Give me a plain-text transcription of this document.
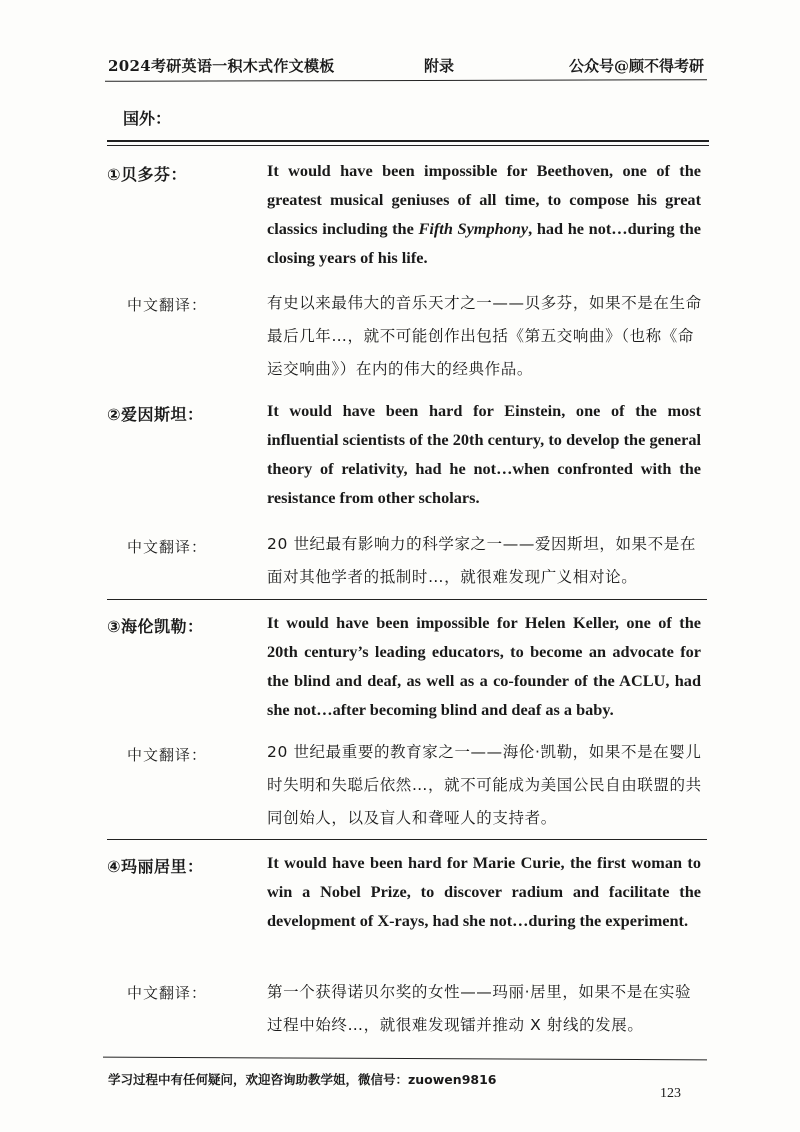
2024考研英语一积木式作文模板	附录	公众号@顾不得考研
国外：
①贝多芬：	It would have been impossible for Beethoven, one of the greatest musical geniuses of all time, to compose his great classics including the Fifth Symphony, had he not…during the closing years of his life.
中文翻译：	有史以来最伟大的音乐天才之一——贝多芬，如果不是在生命最后几年…，就不可能创作出包括《第五交响曲》（也称《命运交响曲》）在内的伟大的经典作品。
②爱因斯坦：	It would have been hard for Einstein, one of the most influential scientists of the 20th century, to develop the general theory of relativity, had he not…when confronted with the resistance from other scholars.
中文翻译：	20 世纪最有影响力的科学家之一——爱因斯坦，如果不是在面对其他学者的抵制时…，就很难发现广义相对论。
③海伦凯勒：	It would have been impossible for Helen Keller, one of the 20th century’s leading educators, to become an advocate for the blind and deaf, as well as a co-founder of the ACLU, had she not…after becoming blind and deaf as a baby.
中文翻译：	20 世纪最重要的教育家之一——海伦·凯勒，如果不是在婴儿时失明和失聪后依然…，就不可能成为美国公民自由联盟的共同创始人，以及盲人和聋哑人的支持者。
④玛丽居里：	It would have been hard for Marie Curie, the first woman to win a Nobel Prize, to discover radium and facilitate the development of X-rays, had she not…during the experiment.
中文翻译：	第一个获得诺贝尔奖的女性——玛丽·居里，如果不是在实验过程中始终…，就很难发现镭并推动 X 射线的发展。
学习过程中有任何疑问，欢迎咨询助教学姐，微信号：zuowen9816
123
